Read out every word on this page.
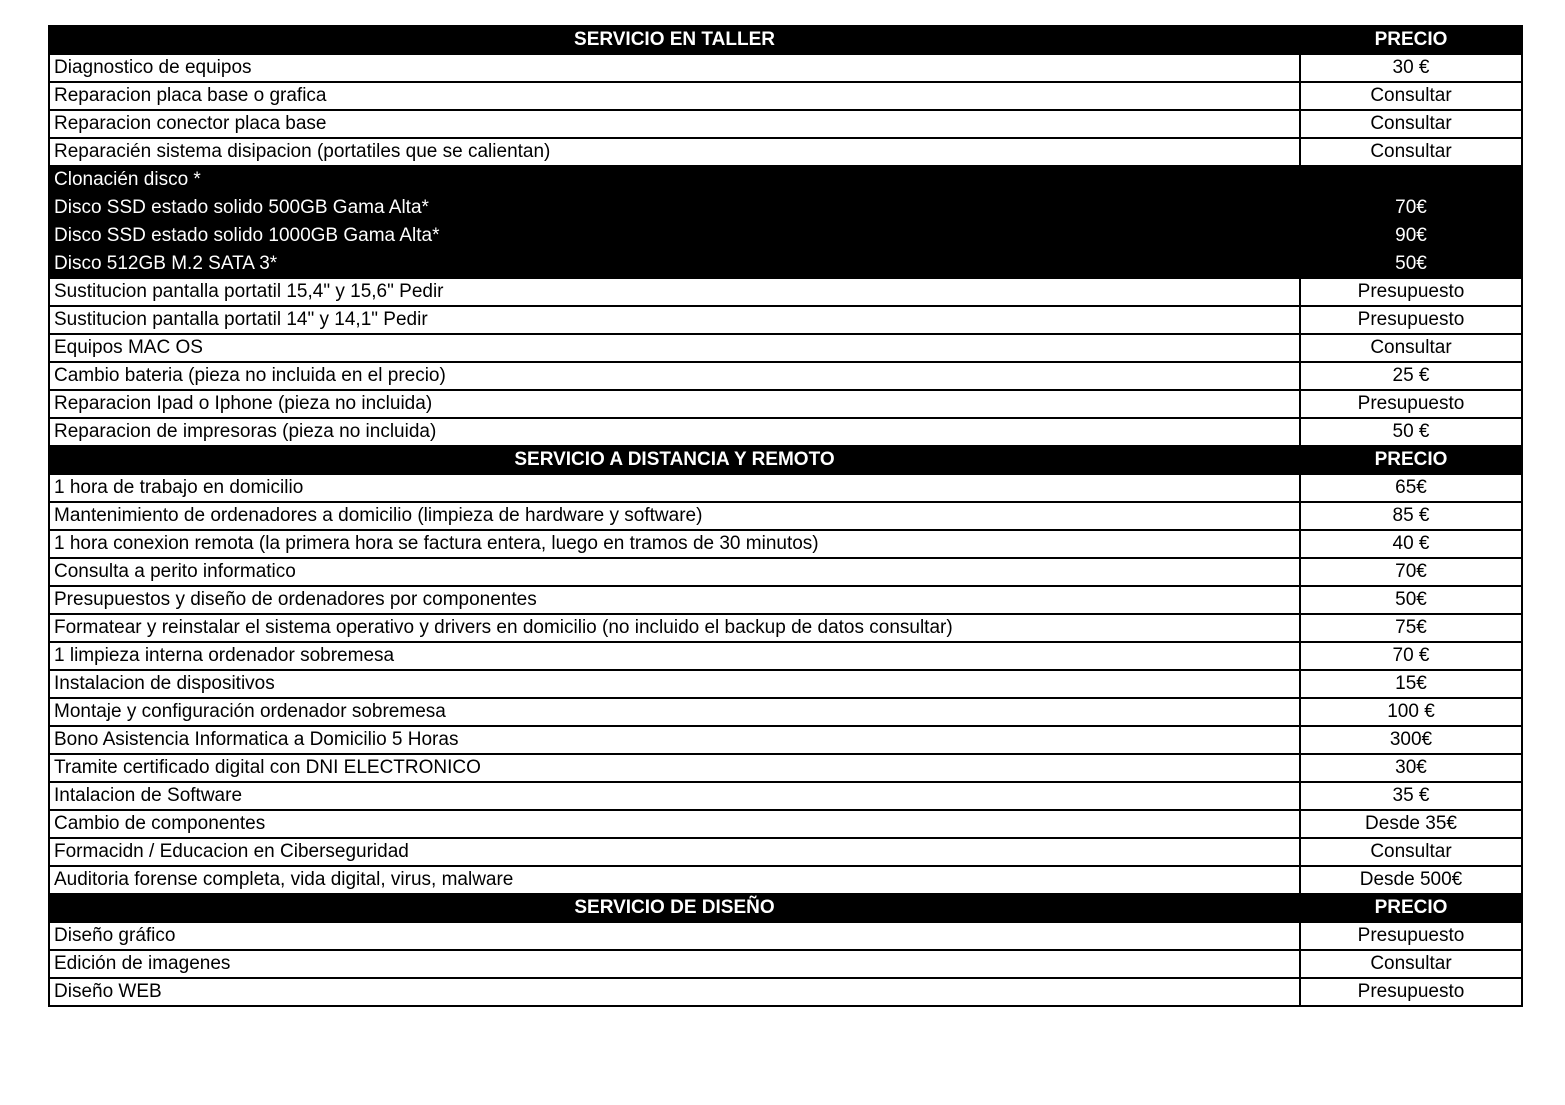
SERVICIO EN TALLER	PRECIO
Diagnostico de equipos	30 €
Reparacion placa base o grafica	Consultar
Reparacion conector placa base	Consultar
Reparacién sistema disipacion (portatiles que se calientan)	Consultar
Clonacién disco *	
Disco SSD estado solido 500GB Gama Alta*	70€
Disco SSD estado solido 1000GB Gama Alta*	90€
Disco 512GB M.2 SATA 3*	50€
Sustitucion pantalla portatil 15,4" y 15,6" Pedir	Presupuesto
Sustitucion pantalla portatil 14" y 14,1" Pedir	Presupuesto
Equipos MAC OS	Consultar
Cambio bateria (pieza no incluida en el precio)	25 €
Reparacion Ipad o Iphone (pieza no incluida)	Presupuesto
Reparacion de impresoras (pieza no incluida)	50 €
SERVICIO A DISTANCIA Y REMOTO	PRECIO
1 hora de trabajo en domicilio	65€
Mantenimiento de ordenadores a domicilio (limpieza de hardware y software)	85 €
1 hora conexion remota (la primera hora se factura entera, luego en tramos de 30 minutos)	40 €
Consulta a perito informatico	70€
Presupuestos y diseño de ordenadores por componentes	50€
Formatear y reinstalar el sistema operativo y drivers en domicilio (no incluido el backup de datos consultar)	75€
1 limpieza interna ordenador sobremesa	70 €
Instalacion de dispositivos	15€
Montaje y configuración ordenador sobremesa	100 €
Bono Asistencia Informatica a Domicilio 5 Horas	300€
Tramite certificado digital con DNI ELECTRONICO	30€
Intalacion de Software	35 €
Cambio de componentes	Desde 35€
Formacidn / Educacion en Ciberseguridad	Consultar
Auditoria forense completa, vida digital, virus, malware	Desde 500€
SERVICIO DE DISEÑO	PRECIO
Diseño gráfico	Presupuesto
Edición de imagenes	Consultar
Diseño WEB	Presupuesto
